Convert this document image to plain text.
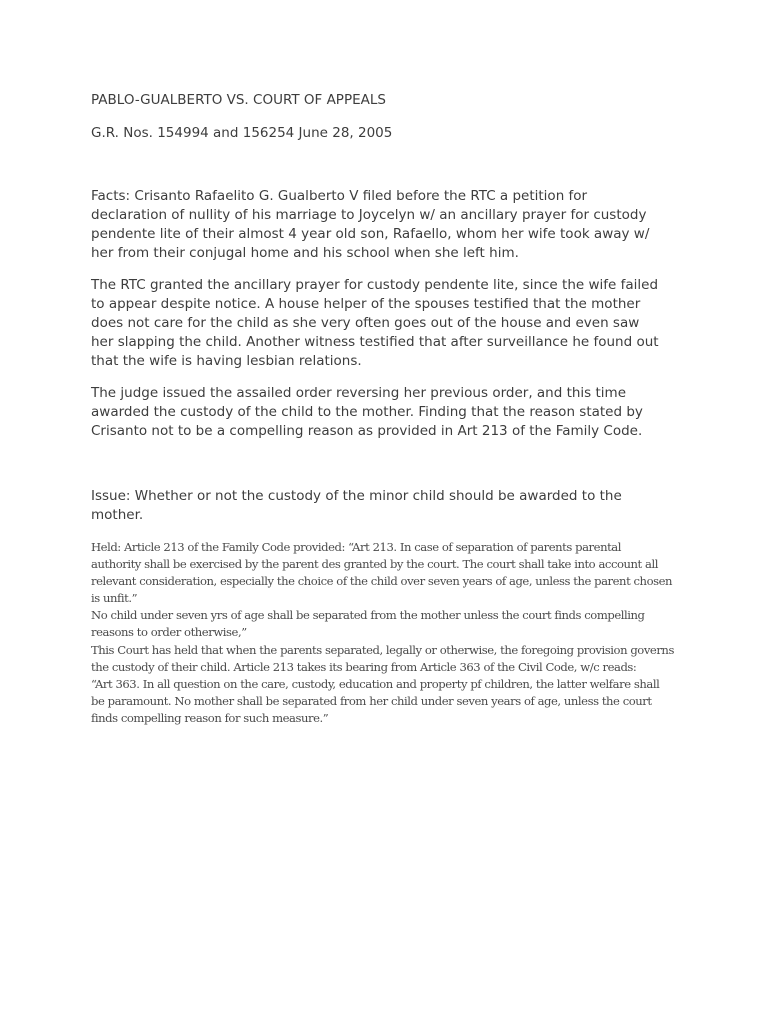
PABLO-GUALBERTO VS. COURT OF APPEALS

G.R. Nos. 154994 and 156254 June 28, 2005

Facts: Crisanto Rafaelito G. Gualberto V filed before the RTC a petition for

declaration of nullity of his marriage to Joycelyn w/ an ancillary prayer for custody

pendente lite of their almost 4 year old son, Rafaello, whom her wife took away w/

her from their conjugal home and his school when she left him.

The RTC granted the ancillary prayer for custody pendente lite, since the wife failed

to appear despite notice. A house helper of the spouses testified that the mother

does not care for the child as she very often goes out of the house and even saw

her slapping the child. Another witness testified that after surveillance he found out

that the wife is having lesbian relations.

The judge issued the assailed order reversing her previous order, and this time

awarded the custody of the child to the mother. Finding that the reason stated by

Crisanto not to be a compelling reason as provided in Art 213 of the Family Code.

Issue: Whether or not the custody of the minor child should be awarded to the

mother.

Held: Article 213 of the Family Code provided: “Art 213. In case of separation of parents parental
authority shall be exercised by the parent des granted by the court. The court shall take into account all
relevant consideration, especially the choice of the child over seven years of age, unless the parent chosen
is unfit.”
No child under seven yrs of age shall be separated from the mother unless the court finds compelling
reasons to order otherwise,”
This Court has held that when the parents separated, legally or otherwise, the foregoing provision governs
the custody of their child. Article 213 takes its bearing from Article 363 of the Civil Code, w/c reads:
“Art 363. In all question on the care, custody, education and property pf children, the latter welfare shall
be paramount. No mother shall be separated from her child under seven years of age, unless the court
finds compelling reason for such measure.”
